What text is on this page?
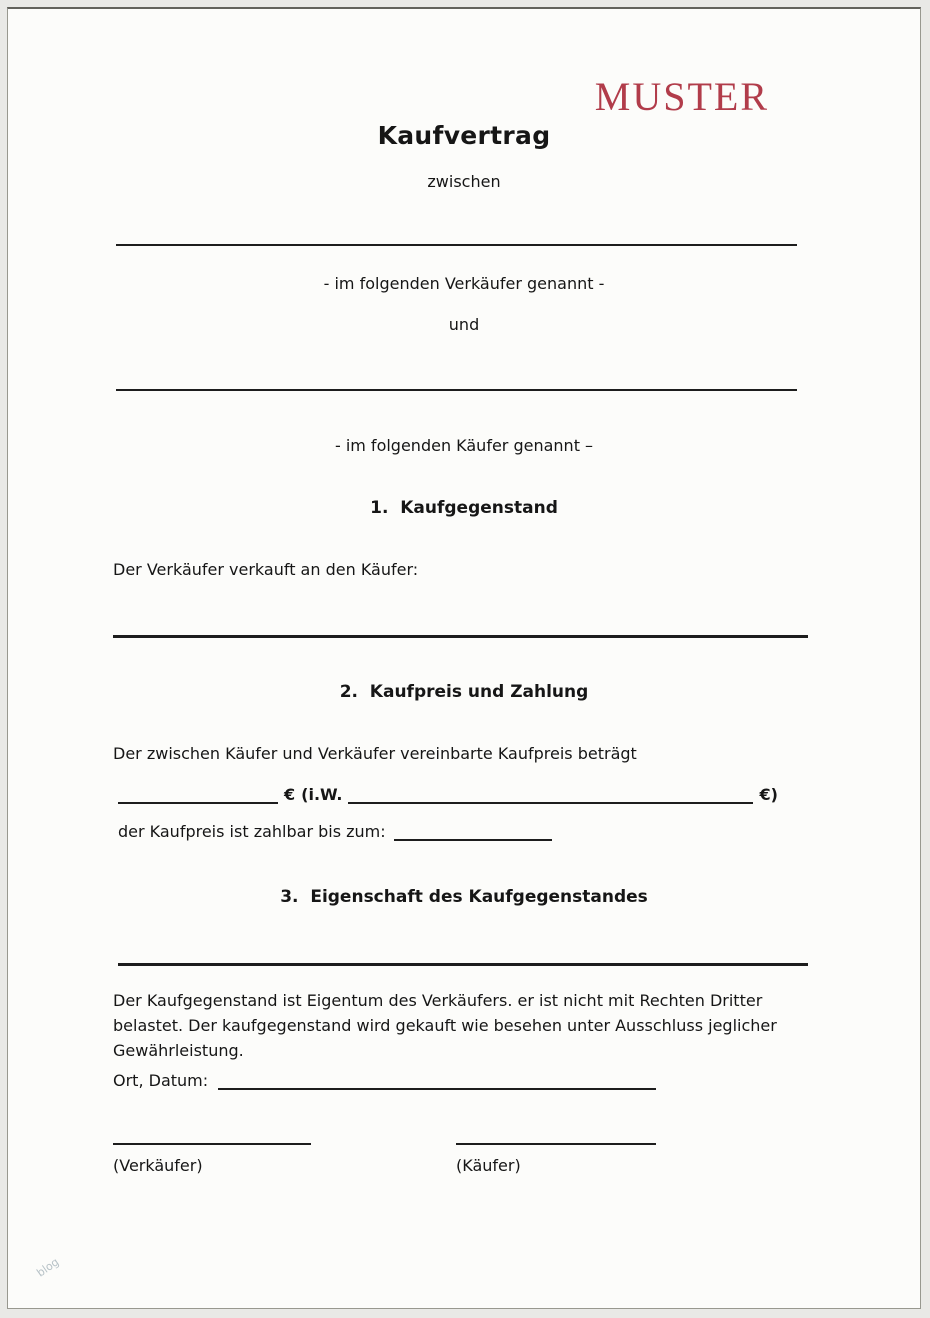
MUSTER
Kaufvertrag
zwischen
- im folgenden Verkäufer genannt -
und
- im folgenden Käufer genannt –
1.  Kaufgegenstand
Der Verkäufer verkauft an den Käufer:
2.  Kaufpreis und Zahlung
Der zwischen Käufer und Verkäufer vereinbarte Kaufpreis beträgt
€ (i.W.	€)
der Kaufpreis ist zahlbar bis zum:
3.  Eigenschaft des Kaufgegenstandes
Der Kaufgegenstand ist Eigentum des Verkäufers. er ist nicht mit Rechten Dritter belastet. Der kaufgegenstand wird gekauft wie besehen unter Ausschluss jeglicher Gewährleistung.
Ort, Datum:
(Verkäufer)	(Käufer)
blog
